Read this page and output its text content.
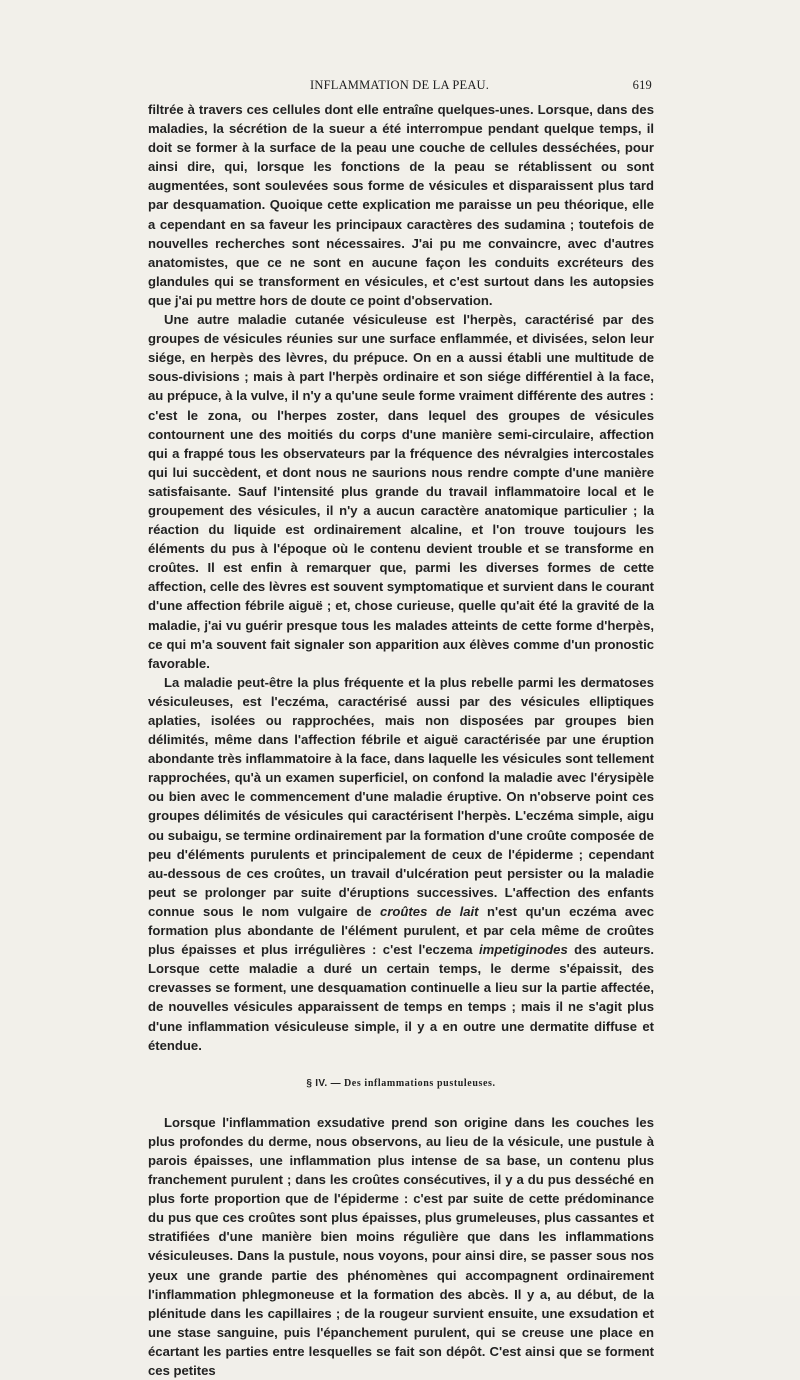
INFLAMMATION DE LA PEAU.	619

filtrée à travers ces cellules dont elle entraîne quelques-unes. Lorsque, dans des maladies, la sécrétion de la sueur a été interrompue pendant quelque temps, il doit se former à la surface de la peau une couche de cellules desséchées, pour ainsi dire, qui, lorsque les fonctions de la peau se rétablissent ou sont augmentées, sont soulevées sous forme de vésicules et disparaissent plus tard par desquamation. Quoique cette explication me paraisse un peu théorique, elle a cependant en sa faveur les principaux caractères des sudamina ; toutefois de nouvelles recherches sont nécessaires. J'ai pu me convaincre, avec d'autres anatomistes, que ce ne sont en aucune façon les conduits excréteurs des glandules qui se transforment en vésicules, et c'est surtout dans les autopsies que j'ai pu mettre hors de doute ce point d'observation.

Une autre maladie cutanée vésiculeuse est l'herpès, caractérisé par des groupes de vésicules réunies sur une surface enflammée, et divisées, selon leur siége, en herpès des lèvres, du prépuce. On en a aussi établi une multitude de sous-divisions ; mais à part l'herpès ordinaire et son siége différentiel à la face, au prépuce, à la vulve, il n'y a qu'une seule forme vraiment différente des autres : c'est le zona, ou l'herpes zoster, dans lequel des groupes de vésicules contournent une des moitiés du corps d'une manière semi-circulaire, affection qui a frappé tous les observateurs par la fréquence des névralgies intercostales qui lui succèdent, et dont nous ne saurions nous rendre compte d'une manière satisfaisante. Sauf l'intensité plus grande du travail inflammatoire local et le groupement des vésicules, il n'y a aucun caractère anatomique particulier ; la réaction du liquide est ordinairement alcaline, et l'on trouve toujours les éléments du pus à l'époque où le contenu devient trouble et se transforme en croûtes. Il est enfin à remarquer que, parmi les diverses formes de cette affection, celle des lèvres est souvent symptomatique et survient dans le courant d'une affection fébrile aiguë ; et, chose curieuse, quelle qu'ait été la gravité de la maladie, j'ai vu guérir presque tous les malades atteints de cette forme d'herpès, ce qui m'a souvent fait signaler son apparition aux élèves comme d'un pronostic favorable.

La maladie peut-être la plus fréquente et la plus rebelle parmi les dermatoses vésiculeuses, est l'eczéma, caractérisé aussi par des vésicules elliptiques aplaties, isolées ou rapprochées, mais non disposées par groupes bien délimités, même dans l'affection fébrile et aiguë caractérisée par une éruption abondante très inflammatoire à la face, dans laquelle les vésicules sont tellement rapprochées, qu'à un examen superficiel, on confond la maladie avec l'érysipèle ou bien avec le commencement d'une maladie éruptive. On n'observe point ces groupes délimités de vésicules qui caractérisent l'herpès. L'eczéma simple, aigu ou subaigu, se termine ordinairement par la formation d'une croûte composée de peu d'éléments purulents et principalement de ceux de l'épiderme ; cependant au-dessous de ces croûtes, un travail d'ulcération peut persister ou la maladie peut se prolonger par suite d'éruptions successives. L'affection des enfants connue sous le nom vulgaire de croûtes de lait n'est qu'un eczéma avec formation plus abondante de l'élément purulent, et par cela même de croûtes plus épaisses et plus irrégulières : c'est l'eczema impetiginodes des auteurs. Lorsque cette maladie a duré un certain temps, le derme s'épaissit, des crevasses se forment, une desquamation continuelle a lieu sur la partie affectée, de nouvelles vésicules apparaissent de temps en temps ; mais il ne s'agit plus d'une inflammation vésiculeuse simple, il y a en outre une dermatite diffuse et étendue.

§ IV. — Des inflammations pustuleuses.

Lorsque l'inflammation exsudative prend son origine dans les couches les plus profondes du derme, nous observons, au lieu de la vésicule, une pustule à parois épaisses, une inflammation plus intense de sa base, un contenu plus franchement purulent ; dans les croûtes consécutives, il y a du pus desséché en plus forte proportion que de l'épiderme : c'est par suite de cette prédominance du pus que ces croûtes sont plus épaisses, plus grumeleuses, plus cassantes et stratifiées d'une manière bien moins régulière que dans les inflammations vésiculeuses. Dans la pustule, nous voyons, pour ainsi dire, se passer sous nos yeux une grande partie des phénomènes qui accompagnent ordinairement l'inflammation phlegmoneuse et la formation des abcès. Il y a, au début, de la plénitude dans les capillaires ; de la rougeur survient ensuite, une exsudation et une stase sanguine, puis l'épanchement purulent, qui se creuse une place en écartant les parties entre lesquelles se fait son dépôt. C'est ainsi que se forment ces petites
